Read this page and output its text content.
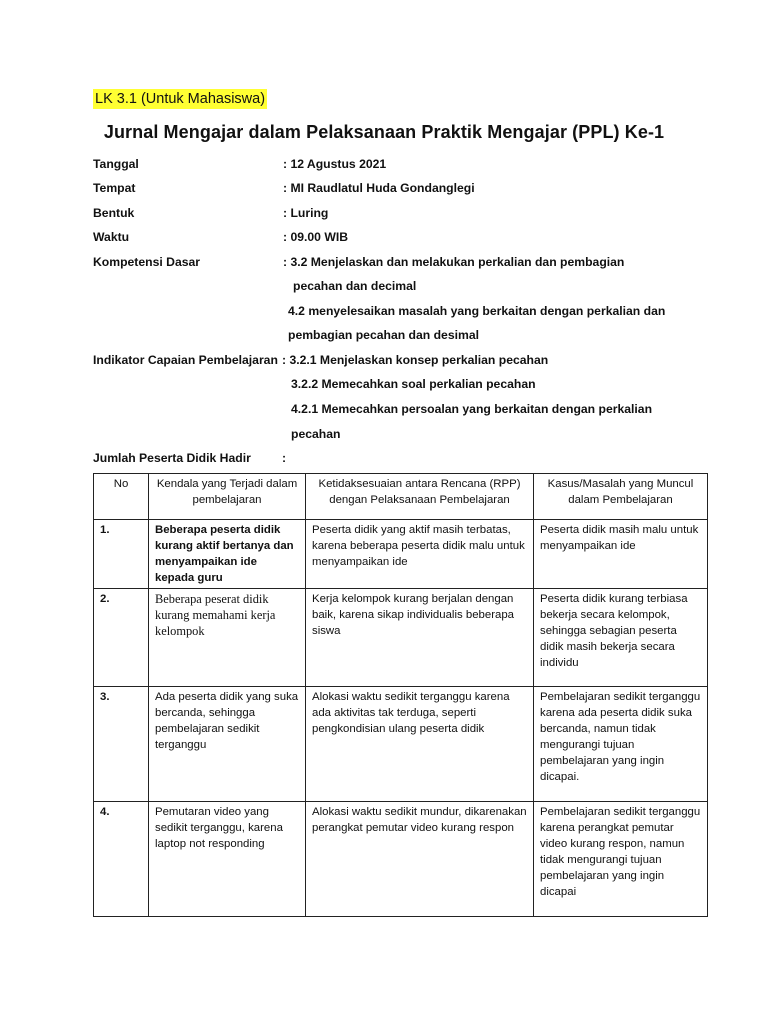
LK 3.1 (Untuk Mahasiswa)
Jurnal Mengajar dalam Pelaksanaan Praktik Mengajar (PPL) Ke-1
Tanggal	: 12 Agustus 2021
Tempat	: MI Raudlatul Huda Gondanglegi
Bentuk	: Luring
Waktu	: 09.00 WIB
Kompetensi Dasar	: 3.2 Menjelaskan dan melakukan perkalian dan pembagian
pecahan dan decimal
4.2 menyelesaikan masalah yang berkaitan dengan perkalian dan
pembagian pecahan dan desimal
Indikator Capaian Pembelajaran : 3.2.1 Menjelaskan konsep perkalian pecahan
3.2.2 Memecahkan soal perkalian pecahan
4.2.1 Memecahkan persoalan yang berkaitan dengan perkalian
pecahan
Jumlah Peserta Didik Hadir	:
No	Kendala yang Terjadi dalam pembelajaran	Ketidaksesuaian antara Rencana (RPP) dengan Pelaksanaan Pembelajaran	Kasus/Masalah yang Muncul dalam Pembelajaran
1.	Beberapa peserta didik kurang aktif bertanya dan menyampaikan ide kepada guru	Peserta didik yang aktif masih terbatas, karena beberapa peserta didik malu untuk menyampaikan ide	Peserta didik masih malu untuk menyampaikan ide
2.	Beberapa peserat didik kurang memahami kerja kelompok	Kerja kelompok kurang berjalan dengan baik, karena sikap individualis beberapa siswa	Peserta didik kurang terbiasa bekerja secara kelompok, sehingga sebagian peserta didik masih bekerja secara individu
3.	Ada peserta didik yang suka bercanda, sehingga pembelajaran sedikit terganggu	Alokasi waktu sedikit terganggu karena ada aktivitas tak terduga, seperti pengkondisian ulang peserta didik	Pembelajaran sedikit terganggu karena ada peserta didik suka bercanda, namun tidak mengurangi tujuan pembelajaran yang ingin dicapai.
4.	Pemutaran video yang sedikit terganggu, karena laptop not responding	Alokasi waktu sedikit mundur, dikarenakan perangkat pemutar video kurang respon	Pembelajaran sedikit terganggu karena perangkat pemutar video kurang respon, namun tidak mengurangi tujuan pembelajaran yang ingin dicapai
